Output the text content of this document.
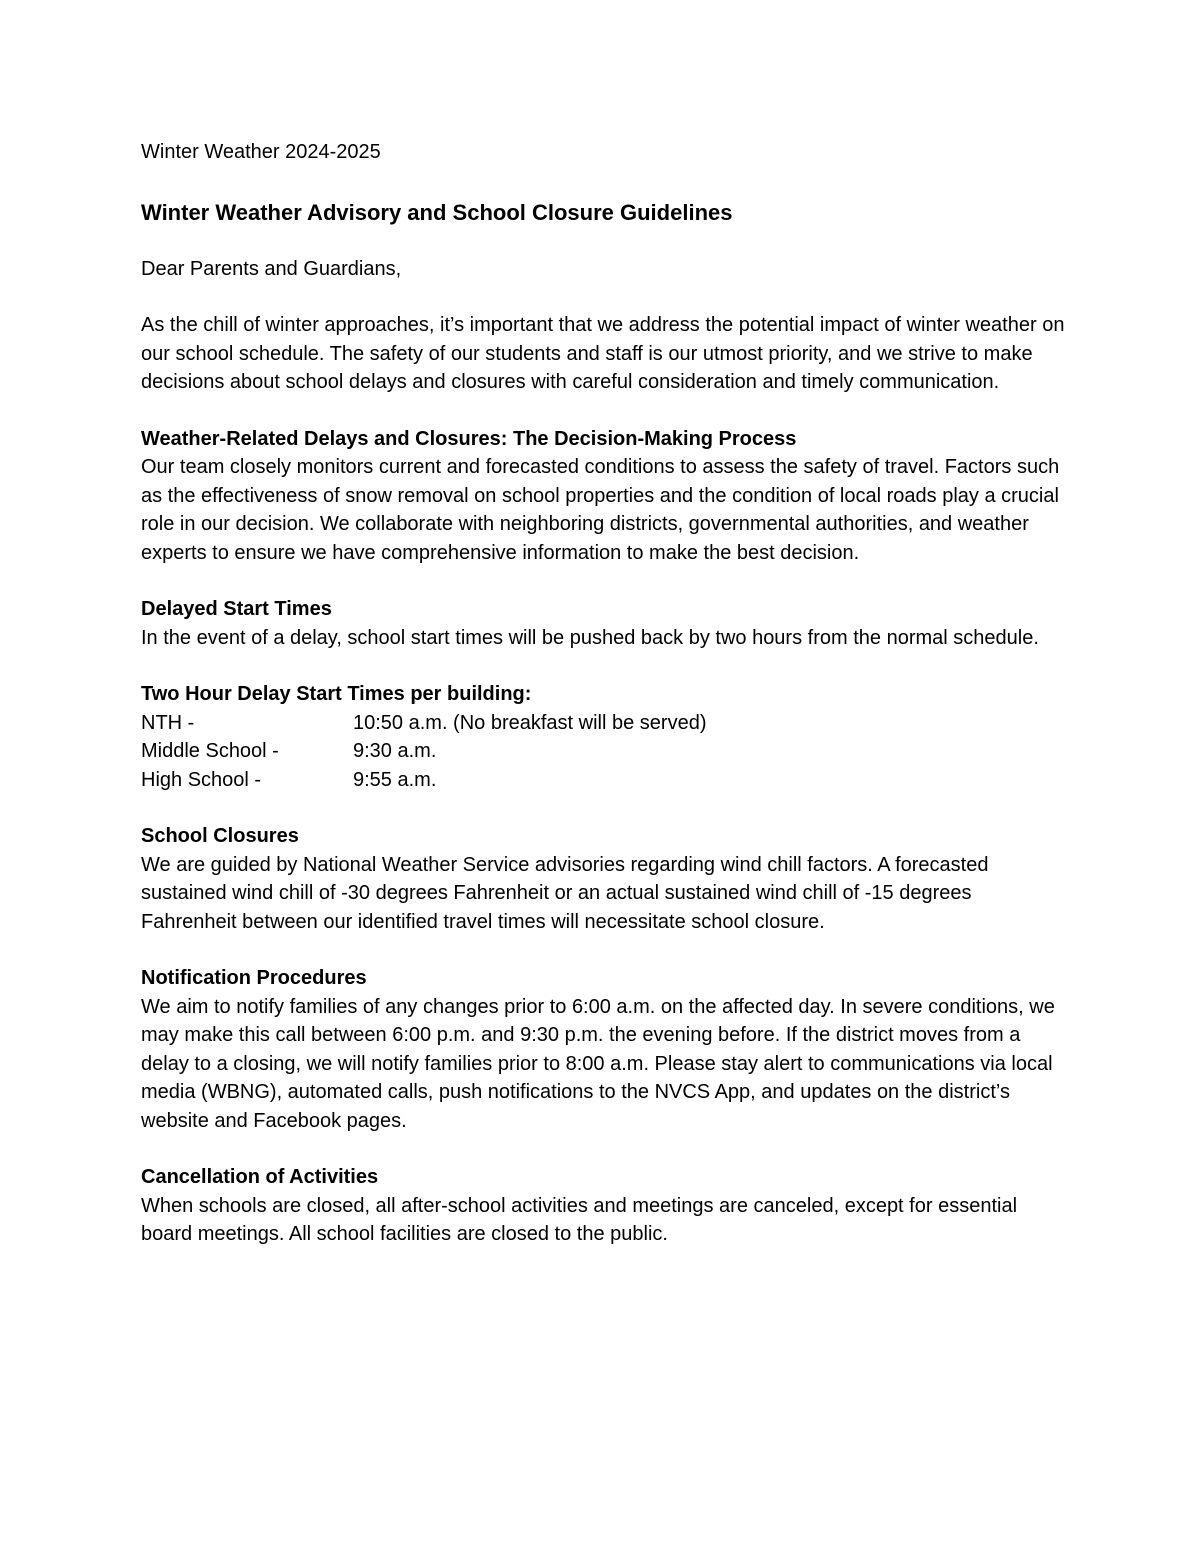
Winter Weather 2024-2025

Winter Weather Advisory and School Closure Guidelines

Dear Parents and Guardians,

As the chill of winter approaches, it’s important that we address the potential impact of winter weather on our school schedule. The safety of our students and staff is our utmost priority, and we strive to make decisions about school delays and closures with careful consideration and timely communication.

Weather-Related Delays and Closures: The Decision-Making Process

Our team closely monitors current and forecasted conditions to assess the safety of travel. Factors such as the effectiveness of snow removal on school properties and the condition of local roads play a crucial role in our decision. We collaborate with neighboring districts, governmental authorities, and weather experts to ensure we have comprehensive information to make the best decision.

Delayed Start Times

In the event of a delay, school start times will be pushed back by two hours from the normal schedule.

Two Hour Delay Start Times per building:
NTH -	10:50 a.m. (No breakfast will be served)
Middle School -	9:30 a.m.
High School -	9:55 a.m.
School Closures

We are guided by National Weather Service advisories regarding wind chill factors. A forecasted sustained wind chill of -30 degrees Fahrenheit or an actual sustained wind chill of -15 degrees Fahrenheit between our identified travel times will necessitate school closure.

Notification Procedures

We aim to notify families of any changes prior to 6:00 a.m. on the affected day. In severe conditions, we may make this call between 6:00 p.m. and 9:30 p.m. the evening before. If the district moves from a delay to a closing, we will notify families prior to 8:00 a.m. Please stay alert to communications via local media (WBNG), automated calls, push notifications to the NVCS App, and updates on the district’s website and Facebook pages.

Cancellation of Activities

When schools are closed, all after-school activities and meetings are canceled, except for essential board meetings. All school facilities are closed to the public.
